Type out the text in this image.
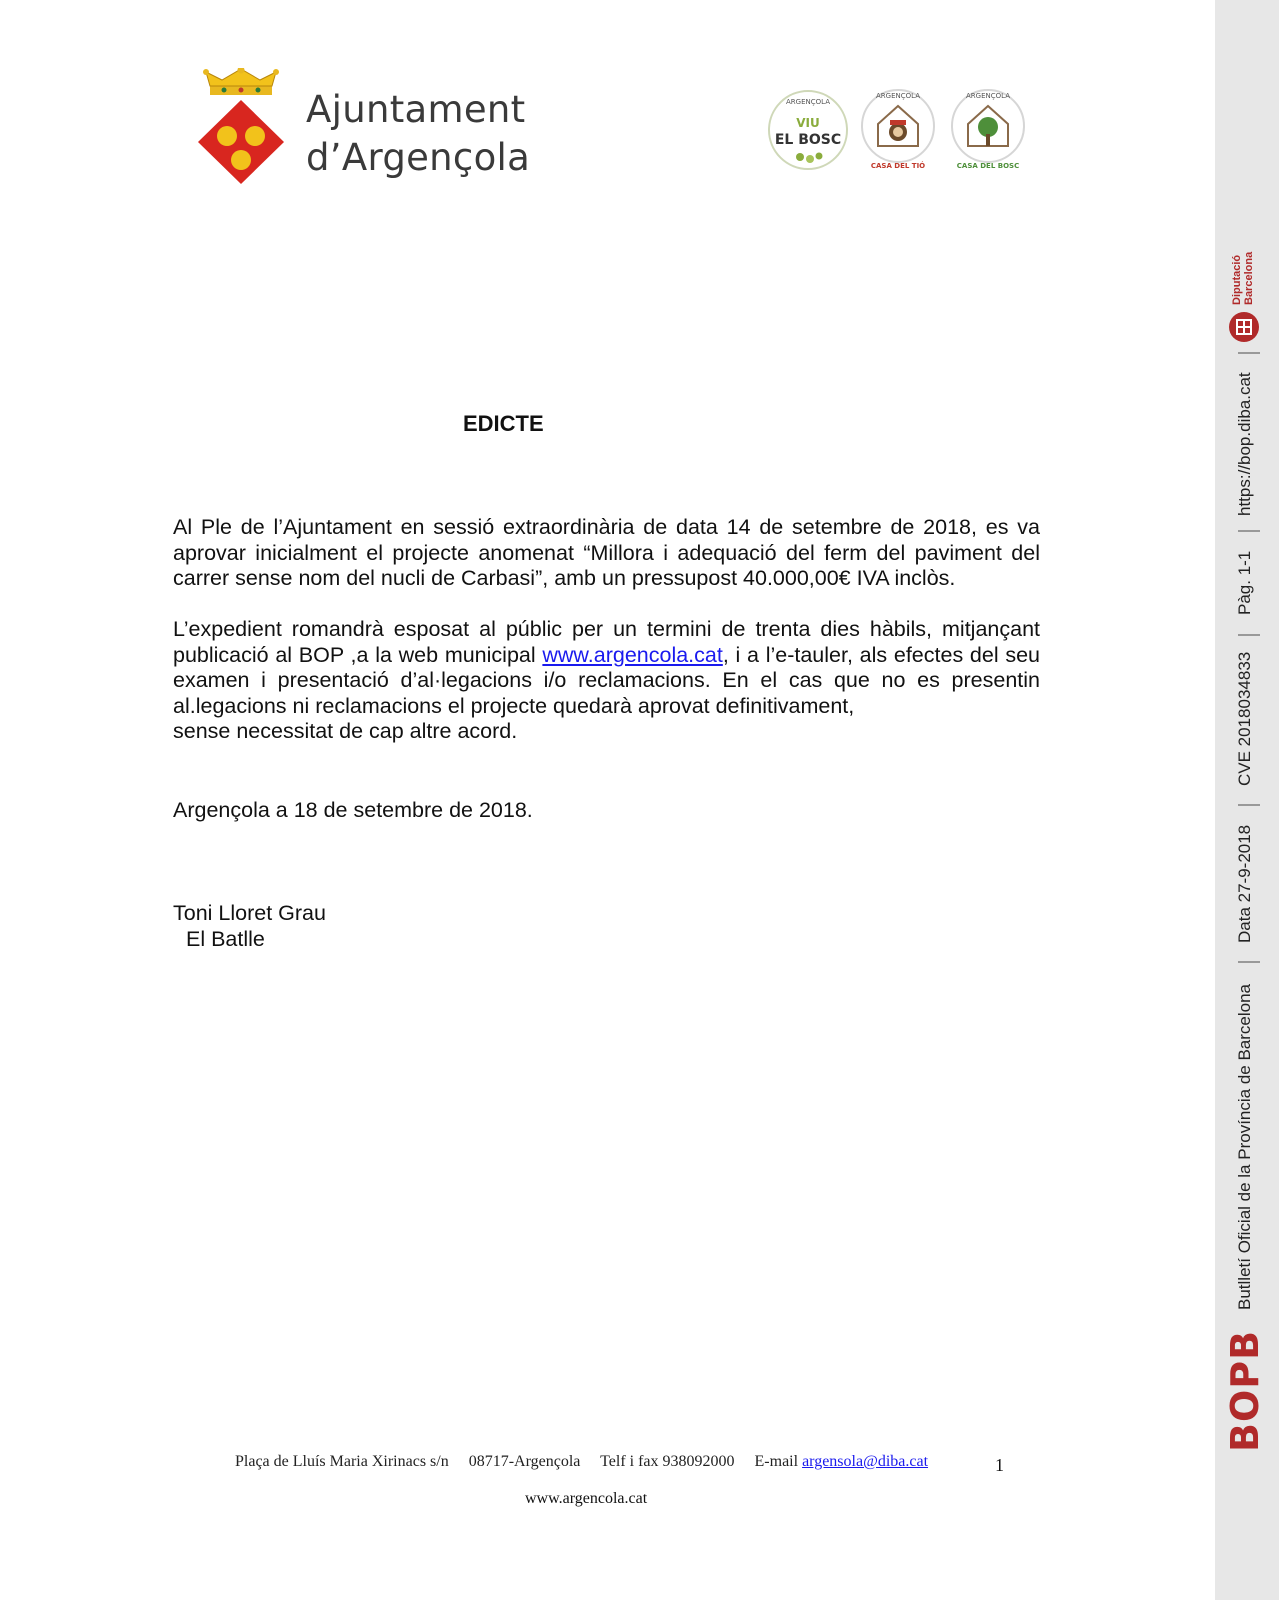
Ajuntament
d’Argençola
ARGENÇOLA
VIU
EL BOSC
ARGENÇOLA
CASA DEL TIÓ
ARGENÇOLA
CASA DEL BOSC
EDICTE
Al Ple de l’Ajuntament en sessió extraordinària de data 14 de setembre de 2018, es va aprovar inicialment el projecte anomenat “Millora i adequació del ferm del paviment del carrer sense nom del nucli de Carbasi”, amb un pressupost 40.000,00€ IVA inclòs.
L’expedient romandrà esposat al públic per un termini de trenta dies hàbils, mitjançant publicació al BOP ,a la web municipal www.argencola.cat, i a l’e-tauler, als efectes del seu examen i presentació d’al·legacions i/o reclamacions. En el cas que no es presentin al.legacions ni reclamacions el projecte quedarà aprovat definitivament,
sense necessitat de cap altre acord.
Argençola a 18 de setembre de 2018.
Toni Lloret Grau
El Batlle
Plaça de Lluís Maria Xirinacs s/n 08717-Argençola Telf i fax 938092000 E-mail argensola@diba.cat	1
www.argencola.cat
Diputació Barcelona
https://bop.diba.cat
Pàg. 1-1
CVE 2018034833
Data 27-9-2018
Butlletí Oficial de la Província de Barcelona
BOPB
